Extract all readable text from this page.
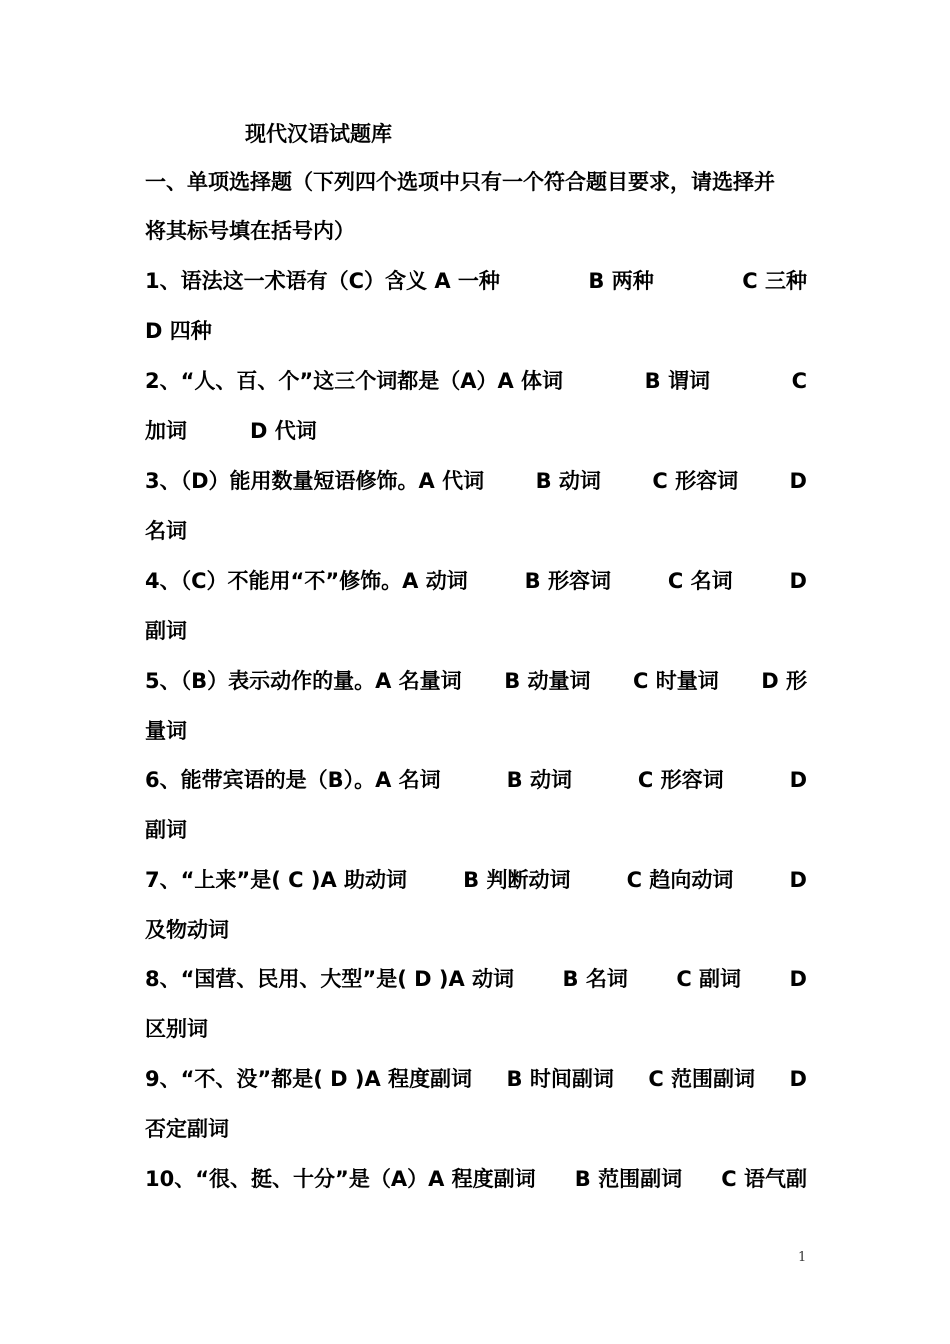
现代汉语试题库
一、单项选择题（下列四个选项中只有一个符合题目要求，请选择并
将其标号填在括号内）
1、语法这一术语有（C）含义 A 一种	B 两种	C 三种
D 四种
2、“人、百、个”这三个词都是（A）A 体词	B 谓词	C
加词　　　D 代词
3、（D）能用数量短语修饰。A 代词 B 动词 C 形容词 D
名词
4、（C）不能用“不”修饰。A 动词	B 形容词	C 名词	D
副词
5、（B）表示动作的量。A 名量词 B 动量词 C 时量词 D 形
量词
6、能带宾语的是（B）。A 名词	B 动词	C 形容词	D
副词
7、“上来”是( C )A 助动词	B 判断动词	C 趋向动词	D
及物动词
8、“国营、民用、大型”是( D )A 动词 B 名词 C 副词 D
区别词
9、“不、没”都是( D )A 程度副词 B 时间副词 C 范围副词 D
否定副词
10、“很、挺、十分”是（A）A 程度副词 B 范围副词 C 语气副
1
